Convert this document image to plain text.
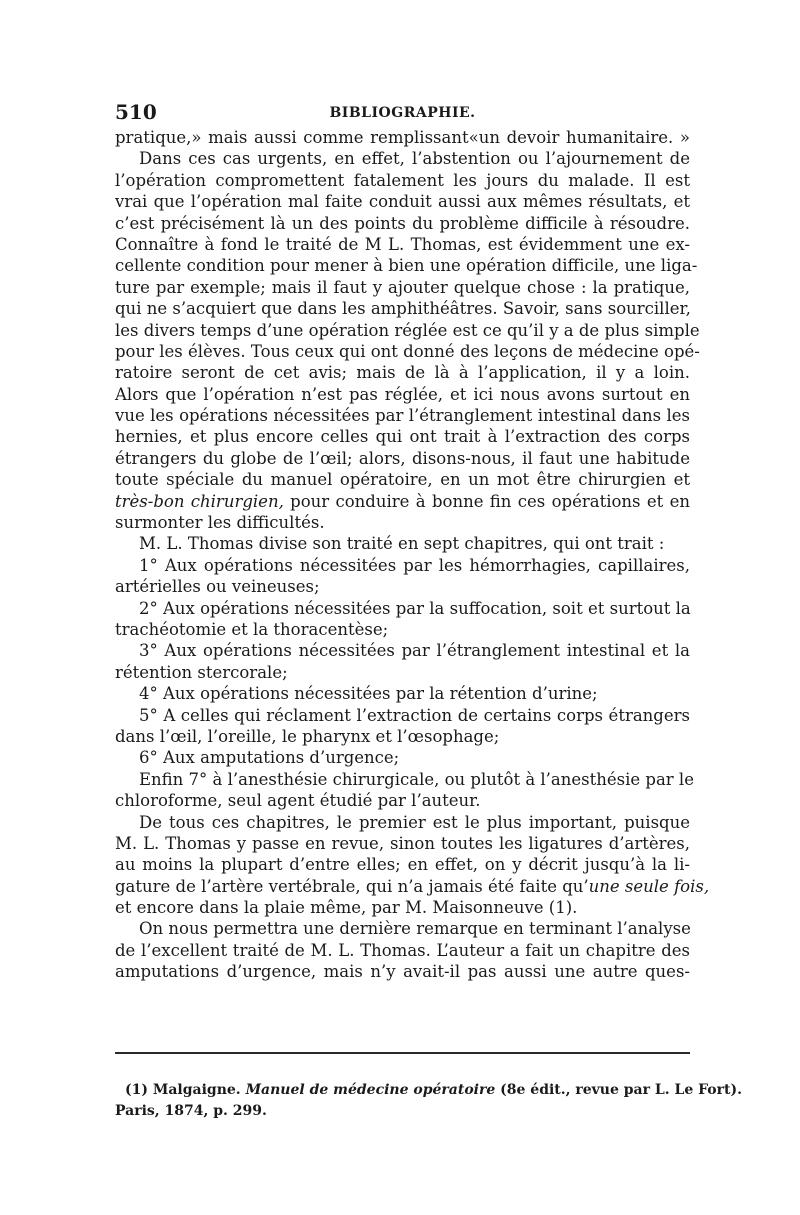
510	BIBLIOGRAPHIE.
pratique,» mais aussi comme remplissant«un devoir humanitaire. »
Dans ces cas urgents, en effet, l’abstention ou l’ajournement de
l’opération compromettent fatalement les jours du malade. Il est
vrai que l’opération mal faite conduit aussi aux mêmes résultats, et
c’est précisément là un des points du problème difficile à résoudre.
Connaître à fond le traité de M L. Thomas, est évidemment une ex-
cellente condition pour mener à bien une opération difficile, une liga-
ture par exemple; mais il faut y ajouter quelque chose : la pratique,
qui ne s’acquiert que dans les amphithéâtres. Savoir, sans sourciller,
les divers temps d’une opération réglée est ce qu’il y a de plus simple
pour les élèves. Tous ceux qui ont donné des leçons de médecine opé-
ratoire seront de cet avis; mais de là à l’application, il y a loin.
Alors que l’opération n’est pas réglée, et ici nous avons surtout en
vue les opérations nécessitées par l’étranglement intestinal dans les
hernies, et plus encore celles qui ont trait à l’extraction des corps
étrangers du globe de l’œil; alors, disons-nous, il faut une habitude
toute spéciale du manuel opératoire, en un mot être chirurgien et
très-bon chirurgien, pour conduire à bonne fin ces opérations et en
surmonter les difficultés.
M. L. Thomas divise son traité en sept chapitres, qui ont trait :
1° Aux opérations nécessitées par les hémorrhagies, capillaires,
artérielles ou veineuses;
2° Aux opérations nécessitées par la suffocation, soit et surtout la
trachéotomie et la thoracentèse;
3° Aux opérations nécessitées par l’étranglement intestinal et la
rétention stercorale;
4° Aux opérations nécessitées par la rétention d’urine;
5° A celles qui réclament l’extraction de certains corps étrangers
dans l’œil, l’oreille, le pharynx et l’œsophage;
6° Aux amputations d’urgence;
Enfin 7° à l’anesthésie chirurgicale, ou plutôt à l’anesthésie par le
chloroforme, seul agent étudié par l’auteur.
De tous ces chapitres, le premier est le plus important, puisque
M. L. Thomas y passe en revue, sinon toutes les ligatures d’artères,
au moins la plupart d’entre elles; en effet, on y décrit jusqu’à la li-
gature de l’artère vertébrale, qui n’a jamais été faite qu’une seule fois,
et encore dans la plaie même, par M. Maisonneuve (1).
On nous permettra une dernière remarque en terminant l’analyse
de l’excellent traité de M. L. Thomas. L’auteur a fait un chapitre des
amputations d’urgence, mais n’y avait-il pas aussi une autre ques-
(1) Malgaigne. Manuel de médecine opératoire (8e édit., revue par L. Le Fort).
Paris, 1874, p. 299.
